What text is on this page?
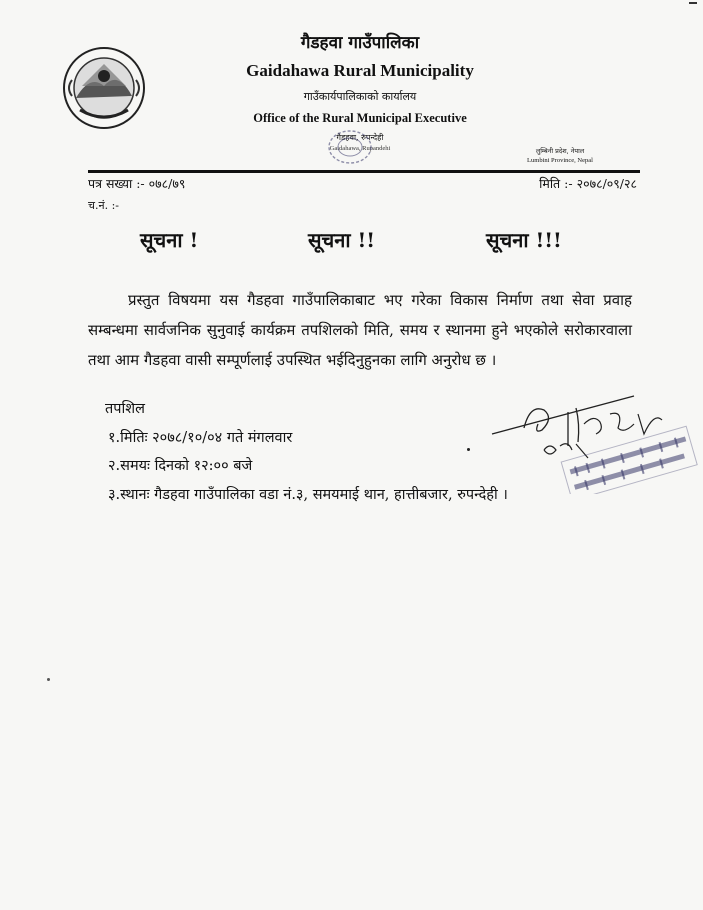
गैडहवा गाउँपालिका
Gaidahawa Rural Municipality
गाउँकार्यपालिकाको कार्यालय
Office of the Rural Municipal Executive
गैडहवा, रुपन्देही
Gaidahawa, Rupandehi	लुम्बिनी प्रदेश, नेपाल
Lumbini Province, Nepal
पत्र सख्या :- ०७८/७९	मिति :- २०७८/०९/२८
च.नं. :-
सूचना !	सूचना !!	सूचना !!!
प्रस्तुत विषयमा यस गैडहवा गाउँपालिकाबाट भए गरेका विकास निर्माण तथा सेवा प्रवाह सम्बन्धमा सार्वजनिक सुनुवाई कार्यक्रम तपशिलको मिति, समय र स्थानमा हुने भएकोले सरोकारवाला तथा आम गैडहवा वासी सम्पूर्णलाई उपस्थित भईदिनुहुनका लागि अनुरोध छ ।
तपशिल
१.मितिः २०७८/१०/०४ गते मंगलवार
२.समयः दिनको १२:०० बजे
३.स्थानः गैडहवा गाउँपालिका वडा नं.३, समयमाई थान, हात्तीबजार, रुपन्देही ।
